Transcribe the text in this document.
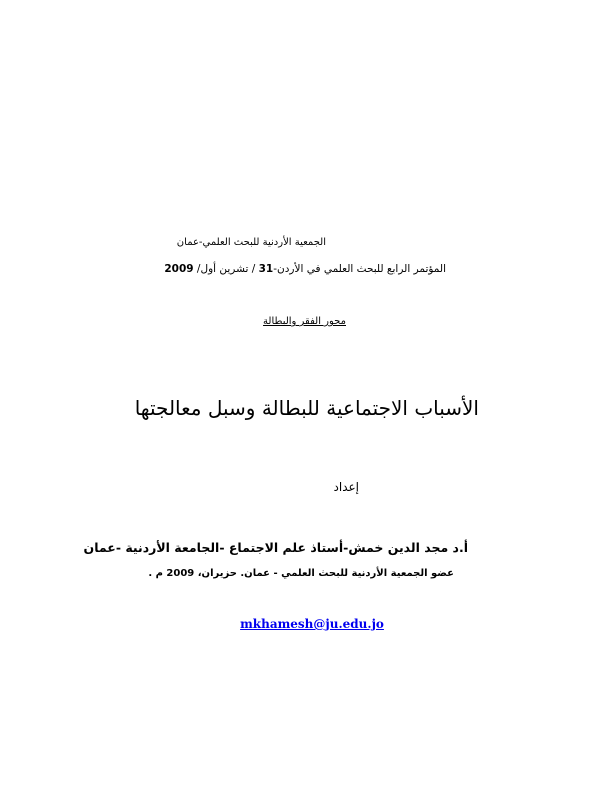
الجمعية الأردنية للبحث العلمي-عمان
المؤتمر الرابع للبحث العلمي في الأردن-31 / تشرين أول/ 2009
محور الفقر والبطالة
الأسباب الاجتماعية للبطالة وسبل معالجتها
إعداد
أ.د مجد الدين خمش-أستاذ علم الاجتماع -الجامعة الأردنية -عمان
عضو الجمعية الأردنية للبحث العلمي - عمان. حزيران، 2009 م .
mkhamesh@ju.edu.jo
